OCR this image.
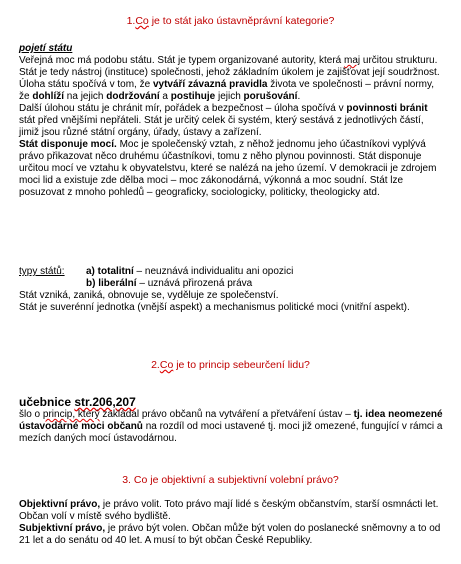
1.Co je to stát jako ústavněprávní kategorie?

pojetí státu

Veřejná moc má podobu státu. Stát je typem organizované autority, která maj určitou strukturu.

Stát je tedy nástroj (instituce) společnosti, jehož základním úkolem je zajišťovat její soudržnost. Úloha státu spočívá v tom, že vytváří závazná pravidla života ve společnosti – právní normy, že dohlíží na jejich dodržování a postihuje jejich porušování.

Další úlohou státu je chránit mír, pořádek a bezpečnost – úloha spočívá v povinnosti bránit stát před vnějšími nepřáteli. Stát je určitý celek či systém, který sestává z jednotlivých částí, jimiž jsou různé státní orgány, úřady, ústavy a zařízení.

Stát disponuje mocí. Moc je společenský vztah, z něhož jednomu jeho účastníkovi vyplývá právo přikazovat něco druhému účastníkovi, tomu z něho plynou povinnosti. Stát disponuje určitou mocí ve vztahu k obyvatelstvu, které se nalézá na jeho území. V demokracii je zdrojem moci lid a existuje zde dělba moci – moc zákonodárná, výkonná a moc soudní. Stát lze posuzovat z mnoho pohledů – geograficky, sociologicky, politicky, theologicky atd.

typy států:	a) totalitní – neuznává individualitu ani opozici
b) liberální – uznává přirozená práva

Stát vzniká, zaniká, obnovuje se, vyděluje ze společenství.

Stát je suverénní jednotka (vnější aspekt) a mechanismus politické moci (vnitřní aspekt).

2.Co je to princip sebeurčení lidu?

učebnice str.206,207

šlo o princip, který zakládal právo občanů na vytváření a přetváření ústav – tj. idea neomezené ústavodárné moci občanů na rozdíl od moci ustavené tj. moci již omezené, fungující v rámci a mezích daných mocí ústavodárnou.

3. Co je objektivní a subjektivní volební právo?

Objektivní právo, je právo volit. Toto právo mají lidé s českým občanstvím, starší osmnácti let. Občan volí v místě svého bydliště.

Subjektivní právo, je právo být volen. Občan může být volen do poslanecké sněmovny a to od 21 let a do senátu od 40 let. A musí to být občan České Republiky.
